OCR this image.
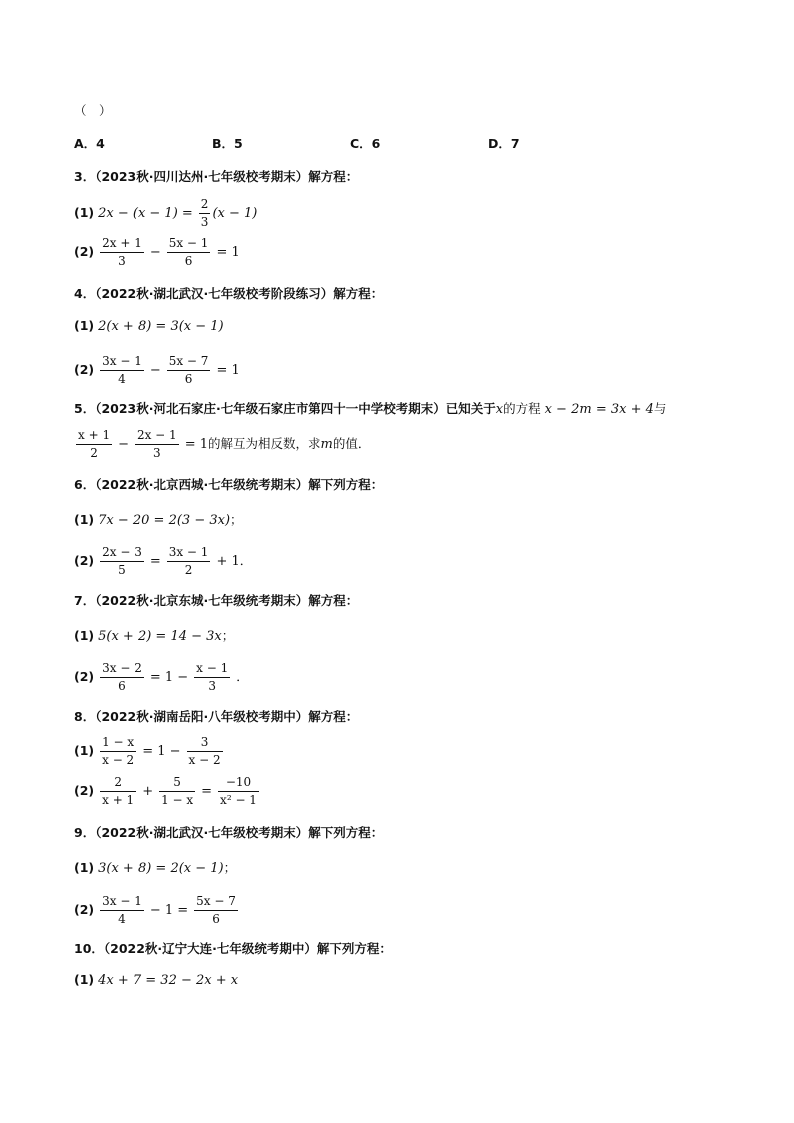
（　）
A．4	B．5	C．6	D．7
3．（2023秋·四川达州·七年级校考期末）解方程：
(1) $2x - (x - 1) = \frac{2}{3} (x - 1)$
$(2) \frac{2x + 1}{3} - \frac{5x - 1}{6} = 1$
4．（2022秋·湖北武汉·七年级校考阶段练习）解方程：
(1) 2(x + 8) = 3(x − 1)
$(2) \frac{3x - 1}{4} - \frac{5x - 7}{6} = 1$
5．（2023秋·河北石家庄·七年级石家庄市第四十一中学校考期末）已知关于x的方程 x − 2m = 3x + 4与
$\frac{x + 1}{2} - \frac{2x - 1}{3} = 1$的解互为相反数，求m的值．
6．（2022秋·北京西城·七年级统考期末）解下列方程：
(1) 7x − 20 = 2(3 − 3x)；
$(2) \frac{2x - 3}{5} = \frac{3x - 1}{2} + 1$．
7．（2022秋·北京东城·七年级统考期末）解方程：
(1) 5(x + 2) = 14 − 3x；
$(2) \frac{3x - 2}{6} = 1 - \frac{x - 1}{3}$ ．
8．（2022秋·湖南岳阳·八年级校考期中）解方程：
$(1) \frac{1 - x}{x - 2} = 1 - \frac{3}{x - 2}$
$(2) \frac{2}{x + 1} + \frac{5}{1 - x} = \frac{-10}{\text{x² − 1}}$
9．（2022秋·湖北武汉·七年级校考期末）解下列方程：
(1) 3(x + 8) = 2(x − 1)；
$(2) \frac{3x - 1}{4} - 1 = \frac{5x - 7}{6}$
10．（2022秋·辽宁大连·七年级统考期中）解下列方程：
(1) 4x + 7 = 32 − 2x + x
